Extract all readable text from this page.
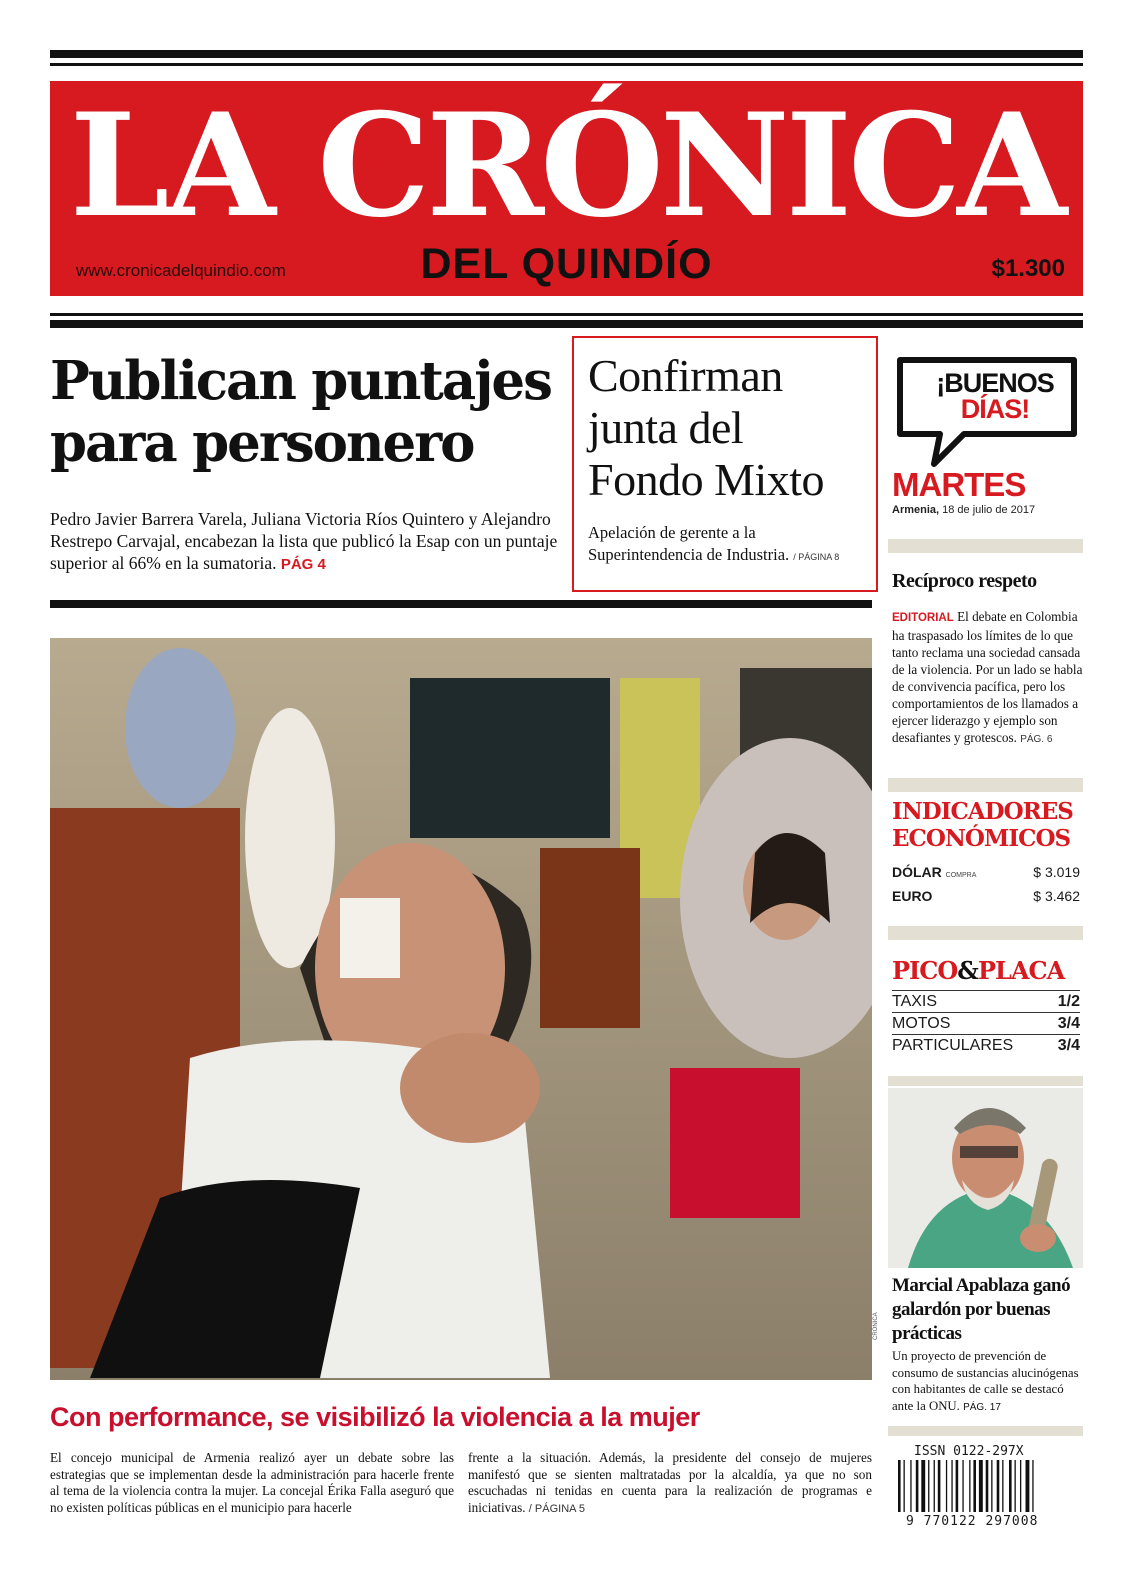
LA CRÓNICA
DEL QUINDÍO
www.cronicadelquindio.com	$1.300
Publican puntajes para personero

Pedro Javier Barrera Varela, Juliana Victoria Ríos Quintero y Alejandro Restrepo Carvajal, encabezan la lista que publicó la Esap con un puntaje superior al 66% en la sumatoria. PÁG 4

Confirman junta del Fondo Mixto
Apelación de gerente a la Superintendencia de Industria. / PÁGINA 8
CRÓNICA
Con performance, se visibilizó la violencia a la mujer

El concejo municipal de Armenia realizó ayer un debate sobre las estrategias que se implementan desde la administración para hacerle frente al tema de la violencia contra la mujer. La concejal Érika Falla aseguró que no existen políticas públicas en el municipio para hacerle

frente a la situación. Además, la presidente del consejo de mujeres manifestó que se sienten maltratadas por la alcaldía, ya que no son escuchadas ni tenidas en cuenta para la realización de programas e iniciativas. / PÁGINA 5

¡BUENOS
DÍAS!
MARTES
Armenia, 18 de julio de 2017
Recíproco respeto

EDITORIAL El debate en Colombia ha traspasado los límites de lo que tanto reclama una sociedad cansada de la violencia. Por un lado se habla de convivencia pacífica, pero los comportamientos de los llamados a ejercer liderazgo y ejemplo son desafiantes y grotescos. PÁG. 6

INDICADORES ECONÓMICOS
DÓLAR COMPRA	$ 3.019
EURO	$ 3.462
PICO&PLACA
TAXIS	1/2
MOTOS	3/4
PARTICULARES	3/4
Marcial Apablaza ganó galardón por buenas prácticas

Un proyecto de prevención de consumo de sustancias alucinógenas con habitantes de calle se destacó ante la ONU. PÁG. 17

ISSN 0122-297X
9 770122 297008
